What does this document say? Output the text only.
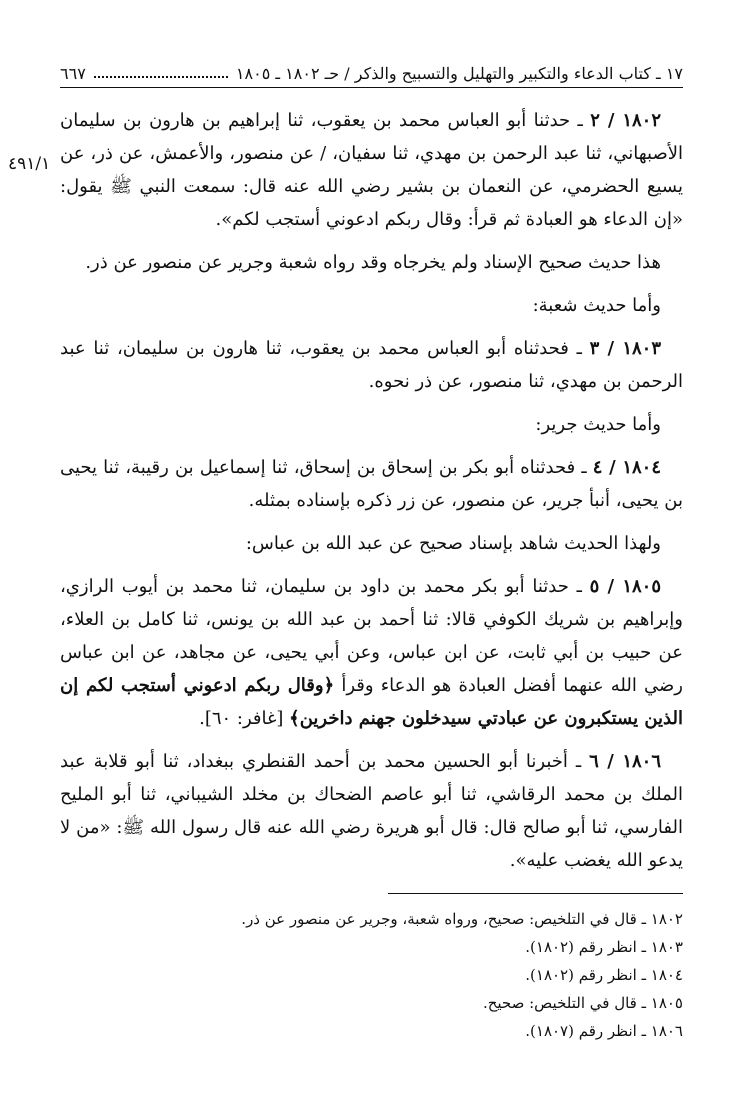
١٧ ـ كتاب الدعاء والتكبير والتهليل والتسبيح والذكر / حـ ١٨٠٢ ـ ١٨٠٥
٦٦٧
٤٩١/١

١٨٠٢ / ٢ ـ حدثنا أبو العباس محمد بن يعقوب، ثنا إبراهيم بن هارون بن سليمان الأصبهاني، ثنا عبد الرحمن بن مهدي، ثنا سفيان، / عن منصور، والأعمش، عن ذر، عن يسيع الحضرمي، عن النعمان بن بشير رضي الله عنه قال: سمعت النبي ﷺ يقول: «إن الدعاء هو العبادة ثم قرأ: وقال ربكم ادعوني أستجب لكم».

هذا حديث صحيح الإسناد ولم يخرجاه وقد رواه شعبة وجرير عن منصور عن ذر.

وأما حديث شعبة:

١٨٠٣ / ٣ ـ فحدثناه أبو العباس محمد بن يعقوب، ثنا هارون بن سليمان، ثنا عبد الرحمن بن مهدي، ثنا منصور، عن ذر نحوه.

وأما حديث جرير:

١٨٠٤ / ٤ ـ فحدثناه أبو بكر بن إسحاق بن إسحاق، ثنا إسماعيل بن رقيبة، ثنا يحيى بن يحيى، أنبأ جرير، عن منصور، عن زر ذكره بإسناده بمثله.

ولهذا الحديث شاهد بإسناد صحيح عن عبد الله بن عباس:

١٨٠٥ / ٥ ـ حدثنا أبو بكر محمد بن داود بن سليمان، ثنا محمد بن أيوب الرازي، وإبراهيم بن شريك الكوفي قالا: ثنا أحمد بن عبد الله بن يونس، ثنا كامل بن العلاء، عن حبيب بن أبي ثابت، عن ابن عباس، وعن أبي يحيى، عن مجاهد، عن ابن عباس رضي الله عنهما أفضل العبادة هو الدعاء وقرأ ﴿وقال ربكم ادعوني أستجب لكم إن الذين يستكبرون عن عبادتي سيدخلون جهنم داخرين﴾ [غافر: ٦٠].

١٨٠٦ / ٦ ـ أخبرنا أبو الحسين محمد بن أحمد القنطري ببغداد، ثنا أبو قلابة عبد الملك بن محمد الرقاشي، ثنا أبو عاصم الضحاك بن مخلد الشيباني، ثنا أبو المليح الفارسي، ثنا أبو صالح قال: قال أبو هريرة رضي الله عنه قال رسول الله ﷺ: «من لا يدعو الله يغضب عليه».

١٨٠٢ ـ قال في التلخيص: صحيح، ورواه شعبة، وجرير عن منصور عن ذر.

١٨٠٣ ـ انظر رقم (١٨٠٢).

١٨٠٤ ـ انظر رقم (١٨٠٢).

١٨٠٥ ـ قال في التلخيص: صحيح.

١٨٠٦ ـ انظر رقم (١٨٠٧).
